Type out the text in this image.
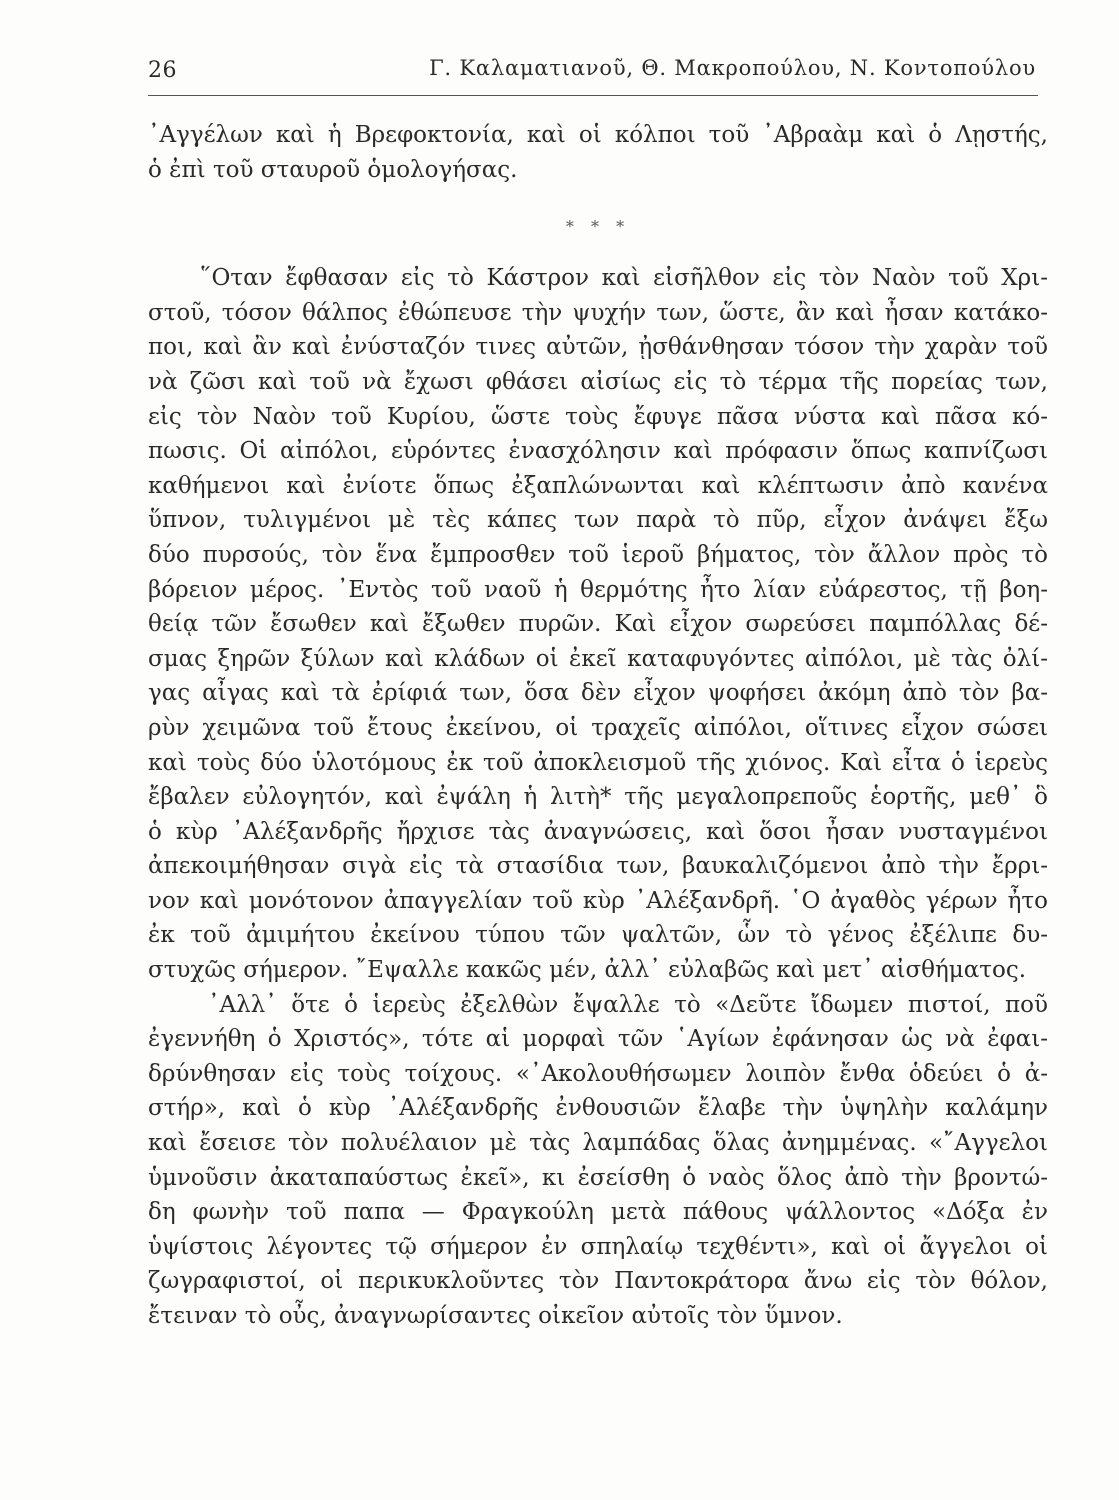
26	Γ. Καλαματιανοῦ, Θ. Μακροπούλου, Ν. Κοντοπούλου
᾿Αγγέλων καὶ ἡ Βρεφοκτονία, καὶ οἱ κόλποι τοῦ ᾿Αβραὰμ καὶ ὁ Λῃστής,
ὁ ἐπὶ τοῦ σταυροῦ ὁμολογήσας.
* * *
῞Οταν ἔφθασαν εἰς τὸ Κάστρον καὶ εἰσῆλθον εἰς τὸν Ναὸν τοῦ Χρι-
στοῦ, τόσον θάλπος ἐθώπευσε τὴν ψυχήν των, ὥστε, ἂν καὶ ἦσαν κατάκο-
ποι, καὶ ἂν καὶ ἐνύσταζόν τινες αὐτῶν, ᾐσθάνθησαν τόσον τὴν χαρὰν τοῦ
νὰ ζῶσι καὶ τοῦ νὰ ἔχωσι φθάσει αἰσίως εἰς τὸ τέρμα τῆς πορείας των,
εἰς τὸν Ναὸν τοῦ Κυρίου, ὥστε τοὺς ἔφυγε πᾶσα νύστα καὶ πᾶσα κό-
πωσις. Οἱ αἰπόλοι, εὑρόντες ἐνασχόλησιν καὶ πρόφασιν ὅπως καπνίζωσι
καθήμενοι καὶ ἐνίοτε ὅπως ἐξαπλώνωνται καὶ κλέπτωσιν ἀπὸ κανένα
ὕπνον, τυλιγμένοι μὲ τὲς κάπες των παρὰ τὸ πῦρ, εἶχον ἀνάψει ἔξω
δύο πυρσούς, τὸν ἕνα ἔμπροσθεν τοῦ ἱεροῦ βήματος, τὸν ἄλλον πρὸς τὸ
βόρειον μέρος. ᾿Εντὸς τοῦ ναοῦ ἡ θερμότης ἦτο λίαν εὐάρεστος, τῇ βοη-
θείᾳ τῶν ἔσωθεν καὶ ἔξωθεν πυρῶν. Καὶ εἶχον σωρεύσει παμπόλλας δέ-
σμας ξηρῶν ξύλων καὶ κλάδων οἱ ἐκεῖ καταφυγόντες αἰπόλοι, μὲ τὰς ὀλί-
γας αἶγας καὶ τὰ ἐρίφιά των, ὅσα δὲν εἶχον ψοφήσει ἀκόμη ἀπὸ τὸν βα-
ρὺν χειμῶνα τοῦ ἔτους ἐκείνου, οἱ τραχεῖς αἰπόλοι, οἵτινες εἶχον σώσει
καὶ τοὺς δύο ὑλοτόμους ἐκ τοῦ ἀποκλεισμοῦ τῆς χιόνος. Καὶ εἶτα ὁ ἱερεὺς
ἔβαλεν εὐλογητόν, καὶ ἐψάλη ἡ λιτὴ* τῆς μεγαλοπρεποῦς ἑορτῆς, μεθ᾿ ὃ
ὁ κὺρ ᾿Αλέξανδρῆς ἤρχισε τὰς ἀναγνώσεις, καὶ ὅσοι ἦσαν νυσταγμένοι
ἀπεκοιμήθησαν σιγὰ εἰς τὰ στασίδια των, βαυκαλιζόμενοι ἀπὸ τὴν ἔρρι-
νον καὶ μονότονον ἀπαγγελίαν τοῦ κὺρ ᾿Αλέξανδρῆ. ῾Ο ἀγαθὸς γέρων ἦτο
ἐκ τοῦ ἀμιμήτου ἐκείνου τύπου τῶν ψαλτῶν, ὧν τὸ γένος ἐξέλιπε δυ-
στυχῶς σήμερον. ῎Εψαλλε κακῶς μέν, ἀλλ᾿ εὐλαβῶς καὶ μετ᾿ αἰσθήματος.
᾿Αλλ᾿ ὅτε ὁ ἱερεὺς ἐξελθὼν ἔψαλλε τὸ «Δεῦτε ἴδωμεν πιστοί, ποῦ
ἐγεννήθη ὁ Χριστός», τότε αἱ μορφαὶ τῶν ῾Αγίων ἐφάνησαν ὡς νὰ ἐφαι-
δρύνθησαν εἰς τοὺς τοίχους. «᾿Ακολουθήσωμεν λοιπὸν ἔνθα ὁδεύει ὁ ἀ-
στήρ», καὶ ὁ κὺρ ᾿Αλέξανδρῆς ἐνθουσιῶν ἔλαβε τὴν ὑψηλὴν καλάμην
καὶ ἔσεισε τὸν πολυέλαιον μὲ τὰς λαμπάδας ὅλας ἀνημμένας. «῎Αγγελοι
ὑμνοῦσιν ἀκαταπαύστως ἐκεῖ», κι ἐσείσθη ὁ ναὸς ὅλος ἀπὸ τὴν βροντώ-
δη φωνὴν τοῦ παπα — Φραγκούλη μετὰ πάθους ψάλλοντος «Δόξα ἐν
ὑψίστοις λέγοντες τῷ σήμερον ἐν σπηλαίῳ τεχθέντι», καὶ οἱ ἄγγελοι οἱ
ζωγραφιστοί, οἱ περικυκλοῦντες τὸν Παντοκράτορα ἄνω εἰς τὸν θόλον,
ἔτειναν τὸ οὖς, ἀναγνωρίσαντες οἰκεῖον αὐτοῖς τὸν ὕμνον.
